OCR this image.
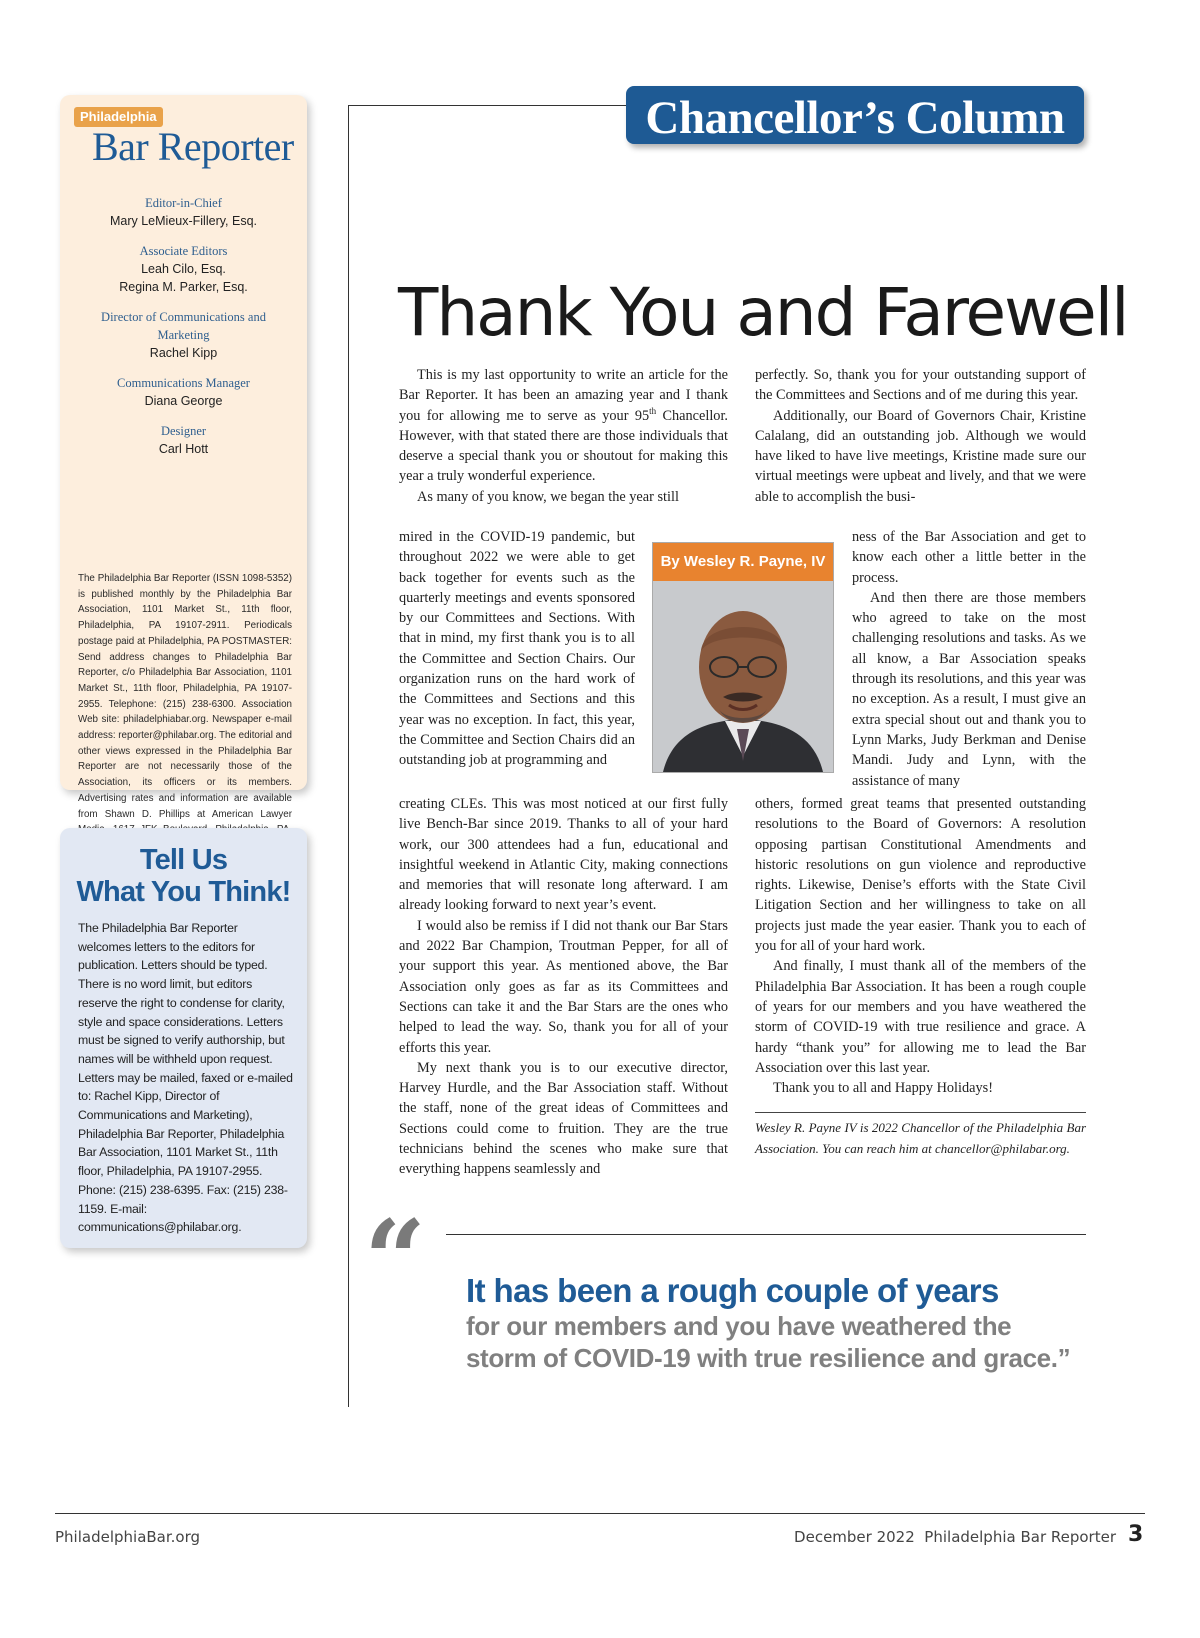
Philadelphia
Bar Reporter
Editor-in-Chief
Mary LeMieux-Fillery, Esq.
Associate Editors
Leah Cilo, Esq.
Regina M. Parker, Esq.
Director of Communications and Marketing
Rachel Kipp
Communications Manager
Diana George
Designer
Carl Hott
The Philadelphia Bar Reporter (ISSN 1098-5352) is published monthly by the Philadelphia Bar Association, 1101 Market St., 11th floor, Philadelphia, PA 19107-2911. Periodicals postage paid at Philadelphia, PA POSTMASTER: Send address changes to Philadelphia Bar Reporter, c/o Philadelphia Bar Association, 1101 Market St., 11th floor, Philadelphia, PA 19107-2955. Telephone: (215) 238-6300. Association Web site: philadelphiabar.org. Newspaper e-mail address: reporter@philabar.org. The editorial and other views expressed in the Philadelphia Bar Reporter are not necessarily those of the Association, its officers or its members. Advertising rates and information are available from Shawn D. Phillips at American Lawyer
Tell Us
What You Think!
The Philadelphia Bar Reporter welcomes letters to the editors for publication. Letters should be typed. There is no word limit, but editors reserve the right to condense for clarity, style and space considerations. Letters must be signed to verify authorship, but names will be withheld upon request. Letters may be mailed, faxed or e-mailed to: Rachel Kipp, Director of Communications and Marketing), Philadelphia Bar Reporter, Philadelphia Bar Association, 1101 Market St., 11th floor, Philadelphia, PA 19107-2955. Phone: (215) 238-6395. Fax: (215) 238-1159. E-mail: communications@philabar.org.
Chancellor’s Column
Thank You and Farewell

This is my last opportunity to write an article for the Bar Reporter. It has been an amazing year and I thank you for allowing me to serve as your 95th Chancellor. However, with that stated there are those individuals that deserve a special thank you or shoutout for making this year a truly wonderful experience.

As many of you know, we began the year still

mired in the COVID-19 pandemic, but throughout 2022 we were able to get back together for events such as the quarterly meetings and events sponsored by our Committees and Sections. With that in mind, my first thank you is to all the Committee and Section Chairs. Our organization runs on the hard work of the Committees and Sections and this year was no exception. In fact, this year, the Committee and Section Chairs did an outstanding job at programming and

creating CLEs. This was most noticed at our first fully live Bench-Bar since 2019. Thanks to all of your hard work, our 300 attendees had a fun, educational and insightful weekend in Atlantic City, making connections and memories that will resonate long afterward. I am already looking forward to next year’s event.

I would also be remiss if I did not thank our Bar Stars and 2022 Bar Champion, Troutman Pepper, for all of your support this year. As mentioned above, the Bar Association only goes as far as its Committees and Sections can take it and the Bar Stars are the ones who helped to lead the way. So, thank you for all of your efforts this year.

My next thank you is to our executive director, Harvey Hurdle, and the Bar Association staff. Without the staff, none of the great ideas of Committees and Sections could come to fruition. They are the true technicians behind the scenes who make sure that everything happens seamlessly and

perfectly. So, thank you for your outstanding support of the Committees and Sections and of me during this year.

Additionally, our Board of Governors Chair, Kristine Calalang, did an outstanding job. Although we would have liked to have live meetings, Kristine made sure our virtual meetings were upbeat and lively, and that we were able to accomplish the busi-

ness of the Bar Association and get to know each other a little better in the process.

And then there are those members who agreed to take on the most challenging resolutions and tasks. As we all know, a Bar Association speaks through its resolutions, and this year was no exception. As a result, I must give an extra special shout out and thank you to Lynn Marks, Judy Berkman and Denise Mandi. Judy and Lynn, with the assistance of many

others, formed great teams that presented outstanding resolutions to the Board of Governors: A resolution opposing partisan Constitutional Amendments and historic resolutions on gun violence and reproductive rights. Likewise, Denise’s efforts with the State Civil Litigation Section and her willingness to take on all projects just made the year easier. Thank you to each of you for all of your hard work.

And finally, I must thank all of the members of the Philadelphia Bar Association. It has been a rough couple of years for our members and you have weathered the storm of COVID-19 with true resilience and grace. A hardy “thank you” for allowing me to lead the Bar Association over this last year.

Thank you to all and Happy Holidays!

By Wesley R. Payne, IV
Wesley R. Payne IV is 2022 Chancellor of the Philadelphia Bar Association. You can reach him at chancellor@philabar.org.
“ It has been a rough couple of years
for our members and you have weathered the storm of COVID-19 with true resilience and grace.”
PhiladelphiaBar.org	December 2022  Philadelphia Bar Reporter 3
